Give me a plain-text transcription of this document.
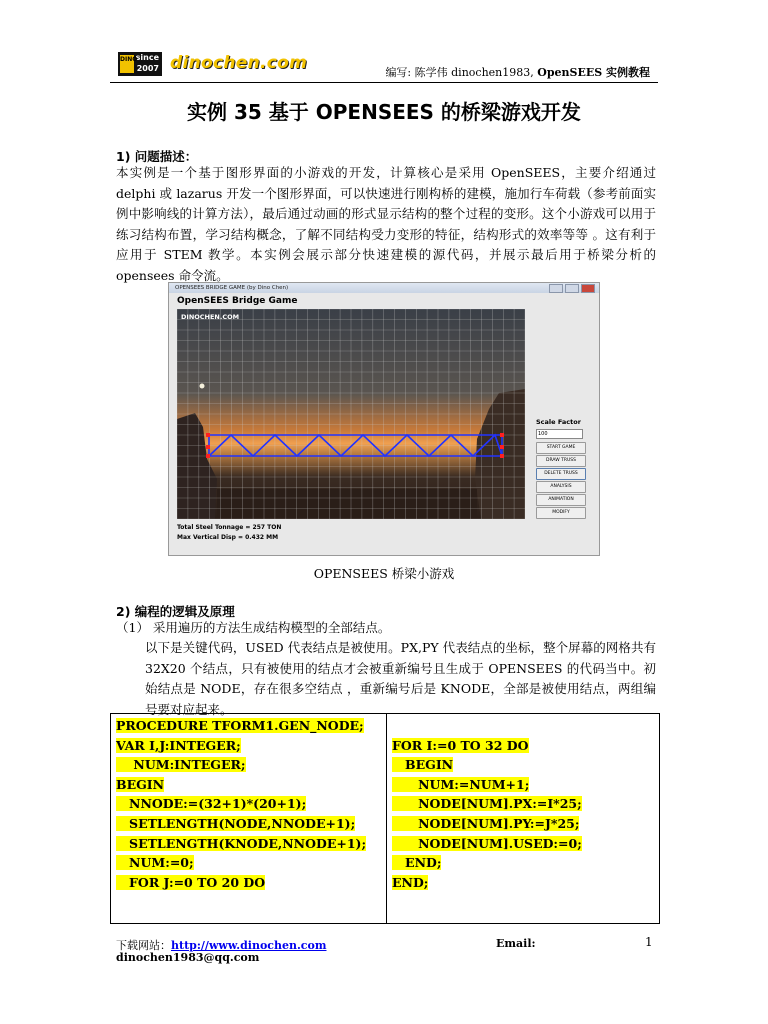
DINO
since
2007 dinochen.com	编写: 陈学伟 dinochen1983, OpenSEES 实例教程
实例 35 基于 OPENSEES 的桥梁游戏开发
1) 问题描述：

本实例是一个基于图形界面的小游戏的开发，计算核心是采用 OpenSEES，主要介绍通过 delphi 或 lazarus 开发一个图形界面，可以快速进行刚构桥的建模，施加行车荷载（参考前面实例中影响线的计算方法），最后通过动画的形式显示结构的整个过程的变形。这个小游戏可以用于练习结构布置，学习结构概念，了解不同结构受力变形的特征，结构形式的效率等等 。这有利于应用于 STEM 教学。本实例会展示部分快速建模的源代码，并展示最后用于桥梁分析的 opensees 命令流。

OPENSEES BRIDGE GAME (by Dino Chen)
OpenSEES Bridge Game
DINOCHEN.COM
Scale Factor
100
START GAME
DRAW TRUSS
DELETE TRUSS
ANALYSIS
ANIMATION
MODIFY
Total Steel Tonnage = 257 TON
Max Vertical Disp = 0.432 MM
OPENSEES 桥梁小游戏
2) 编程的逻辑及原理

（1） 采用遍历的方法生成结构模型的全部结点。

以下是关键代码，USED 代表结点是被使用。PX,PY 代表结点的坐标，整个屏幕的网格共有 32X20 个结点，只有被使用的结点才会被重新编号且生成于 OPENSEES 的代码当中。初始结点是 NODE，存在很多空结点 ，重新编号后是 KNODE，全部是被使用结点，两组编号要对应起来。

PROCEDURE TFORM1.GEN_NODE;
VAR I,J:INTEGER;
NUM:INTEGER;
BEGIN
NNODE:=(32+1)*(20+1);
SETLENGTH(NODE,NNODE+1);
SETLENGTH(KNODE,NNODE+1);
NUM:=0;
FOR J:=0 TO 20 DO
FOR I:=0 TO 32 DO
BEGIN
NUM:=NUM+1;
NODE[NUM].PX:=I*25;
NODE[NUM].PY:=J*25;
NODE[NUM].USED:=0;
END;
END;
下载网站：http://www.dinochen.com	Email:
dinochen1983@qq.com
1
